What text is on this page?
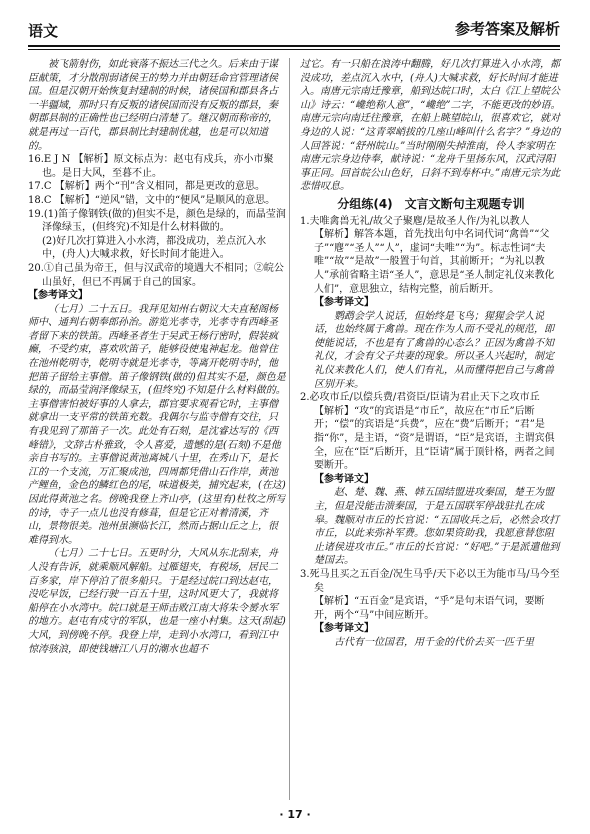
语文	参考答案及解析

被飞箭射伤，如此衰落不振达三代之久。后来由于谋臣献策，才分散削弱诸侯王的势力并由朝廷命官管理诸侯国。但是汉朝开始恢复封建制的时候，诸侯国和郡县各占一半疆域，那时只有反叛的诸侯国而没有反叛的郡县，秦朝郡县制的正确性也已经明白清楚了。继汉朝而称帝的，就是再过一百代，郡县制比封建制优越，也是可以知道的。

16.E J N 【解析】原文标点为：赵屯有戍兵，亦小市聚也。是日大风，至暮不止。

17.C 【解析】两个“刊”含义相同，都是更改的意思。

18.C 【解析】“逆风”错，文中的“便风”是顺风的意思。

19.(1)笛子像钢铁(做的)但实不是，颜色是绿的，而晶莹润泽像绿玉，(但终究)不知是什么材料做的。

(2)好几次打算进入小水湾，都没成功，差点沉入水中，(舟人)大喊求救，好长时间才能进入。

20.①自己虽为帝王，但与汉武帝的境遇大不相同；②皖公山虽好，但已不再属于自己的国家。

【参考译文】

（七月）二十五日。我拜见知州右朝议大夫直秘阁杨师中、通判右朝奉郎孙治。游览光孝寺，光孝寺有西峰圣者留下来的铁笛。西峰圣者生于吴武王杨行密时，假装疯癫，不受约束，喜欢吹笛子，能够役使鬼神起龙。他曾住在池州乾明寺，乾明寺就是光孝寺，等离开乾明寺时，他把笛子留给主事僧。笛子像钢铁(做的)但其实不是，颜色是绿的，而晶莹润泽像绿玉，(但终究)不知是什么材料做的。主事僧害怕被好事的人拿去，郡官要求观看它时，主事僧就拿出一支平常的铁笛充数。我偶尔与监寺僧有交往，只有我见到了那笛子一次。此处有石刻，是沈睿达写的《西峰错》，文辞古朴雅致，令人喜爱，遗憾的是(石刻)不是他亲自书写的。主事僧说黄池离城八十里，在秀山下，是长江的一个支流，万汇聚成池，四周都凭借山石作岸，黄池产鲤鱼，金色的鳞红色的尾，味道极美，捕究起来，(在这)因此得黄池之名。傍晚我登上齐山亭，(这里有)杜牧之所写的诗，寺子一点儿也没有修葺，但是它正对着清溪，齐山，景物很美。池州虽濒临长江，然而占据山丘之上，很难得到水。

（七月）二十七日。五更时分，大风从东北刮来，舟人没有告诉，就乘顺风解船。过雁翅夹，有税场，居民二百多家，岸下停泊了很多船只。于是经过皖口到达赵屯，没吃早饭，已经行驶一百五十里，这时风更大了，我就将船停在小水湾中。皖口就是王师击败江南大将朱令赟水军的地方。赵屯有戍守的军队，也是一座小村集。这天(刮起)大风，到傍晚不停。我登上岸，走到小水湾口，看到江中惊涛骇浪，即使钱塘江八月的潮水也超不

过它。有一只船在浪涛中翻腾，好几次打算进入小水湾，都没成功，差点沉入水中，(舟人)大喊求救，好长时间才能进入。南唐元宗南迁豫章，船到达皖口时，太白《江上望皖公山》诗云：“巉绝称人意”，“巉绝”二字，不能更改的妙语。南唐元宗向南迁往豫章，在船上眺望皖山，很喜欢它，就对身边的人说：“这青翠峭拔的几座山峰叫什么名字？”身边的人回答说：“舒州皖山。”当时刚刚失掉淮南，伶人李家明在南唐元宗身边侍奉，献诗说：“龙舟千里扬东风，汉武浔阳事正同。回首皖公山色好，日斜不到寿杯中。”南唐元宗为此悲惜叹息。

分组练(4)　文言文断句主观题专训

1.夫唯禽兽无礼/故父子聚麀/是故圣人作/为礼以教人

【解析】解答本题，首先找出句中名词代词“禽兽”“父子”“麀”“圣人”“人”，虚词“夫唯”“为”。标志性词“夫唯”“故”“是故”一般置于句首，其前断开；“为礼以教人”承前省略主语“圣人”，意思是“圣人制定礼仪来教化人们”，意思独立，结构完整，前后断开。

【参考译文】

鹦鹉会学人说话，但始终是飞鸟；猩猩会学人说话，也始终属于禽兽。现在作为人而不受礼的规范，即使能说话，不也是有了禽兽的心态么？正因为禽兽不知礼仪，才会有父子共妻的现象。所以圣人兴起时，制定礼仪来教化人们，使人们有礼，从而懂得把自己与禽兽区别开来。

2.必攻市丘/以偿兵费/君资臣/臣请为君止天下之攻市丘

【解析】“攻”的宾语是“市丘”，故应在“市丘”后断开；“偿”的宾语是“兵费”，应在“费”后断开；“君”是指“你”，是主语，“资”是谓语，“臣”是宾语，主谓宾俱全，应在“臣”后断开，且“臣请”属于顶针格，两者之间要断开。

【参考译文】

赵、楚、魏、燕、韩五国结盟进攻秦国，楚王为盟主，但是没能击溃秦国，于是五国联军停战驻扎在成皋。魏顺对市丘的长官说：“五国收兵之后，必然会攻打市丘，以此来弥补军费。您如果资助我，我愿意替您阻止诸侯进攻市丘。”市丘的长官说：“好吧。”于是派遣他到楚国去。

3.死马且买之五百金/况生马乎/天下必以王为能市马/马今至矣

【解析】“五百金”是宾语，“乎”是句末语气词，要断开，两个“马”中间应断开。

【参考译文】

古代有一位国君，用千金的代价去买一匹千里

· 17 ·
